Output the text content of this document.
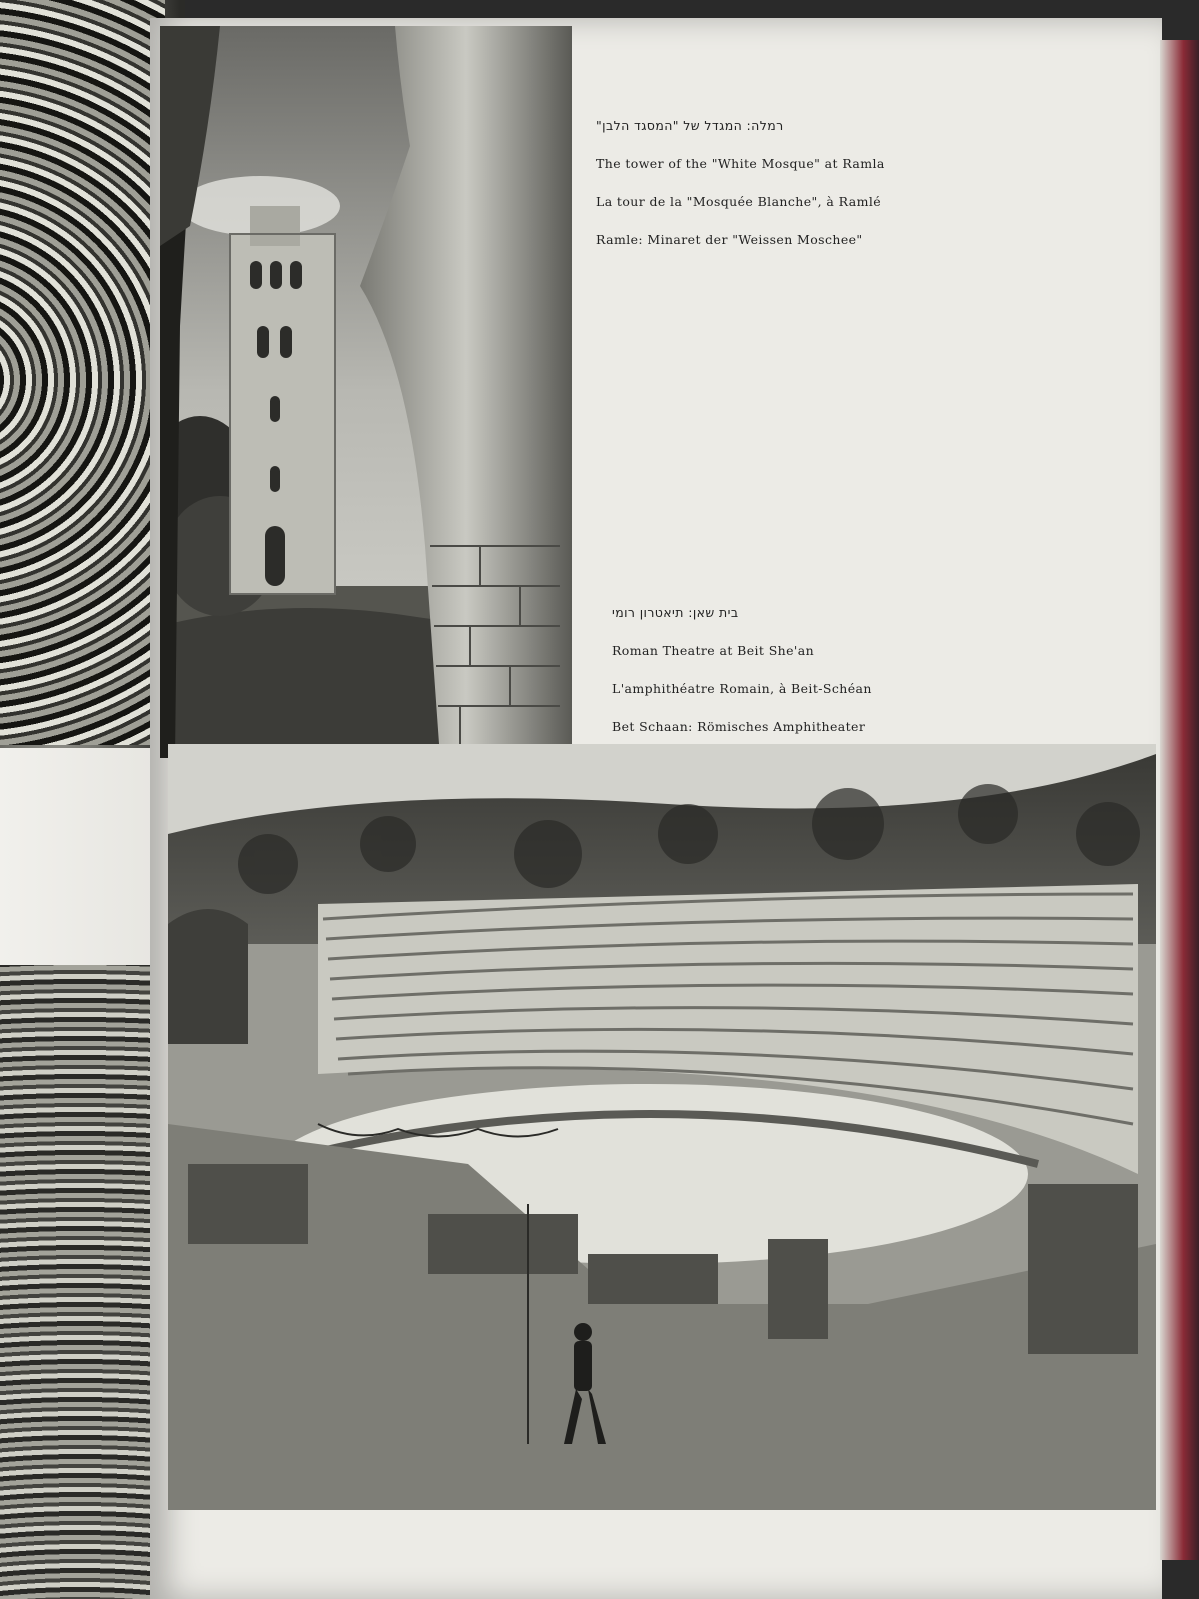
רמלה: המגדל של "המסגד הלבן"

The tower of the "White Mosque" at Ramla

La tour de la "Mosquée Blanche", à Ramlé

Ramle: Minaret der "Weissen Moschee"

בית שאן: תיאטרון רומי

Roman Theatre at Beit She'an

L'amphithéatre Romain, à Beit-Schéan

Bet Schaan: Römisches Amphitheater
